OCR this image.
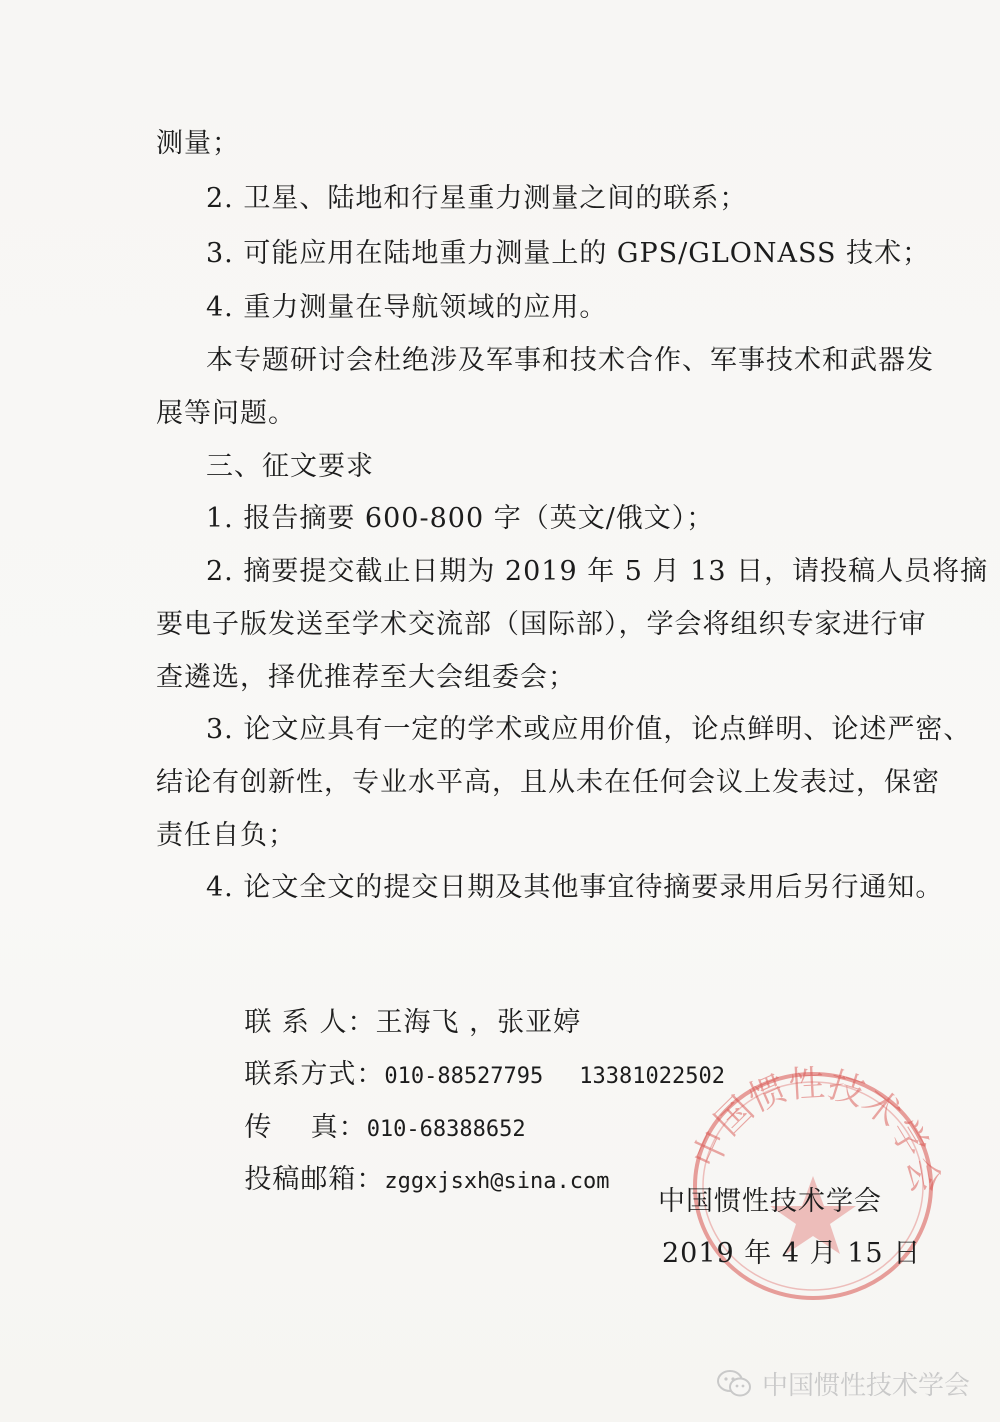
测量；
2. 卫星、陆地和行星重力测量之间的联系；
3. 可能应用在陆地重力测量上的 GPS/GLONASS 技术；
4. 重力测量在导航领域的应用。
本专题研讨会杜绝涉及军事和技术合作、军事技术和武器发
展等问题。
三、征文要求
1. 报告摘要 600-800 字（英文/俄文）；
2. 摘要提交截止日期为 2019 年 5 月 13 日，请投稿人员将摘
要电子版发送至学术交流部（国际部），学会将组织专家进行审
查遴选，择优推荐至大会组委会；
3. 论文应具有一定的学术或应用价值，论点鲜明、论述严密、
结论有创新性，专业水平高，且从未在任何会议上发表过，保密
责任自负；
4. 论文全文的提交日期及其他事宜待摘要录用后另行通知。

联 系 人：王海飞 ，张亚婷

联系方式：010-88527795 13381022502

传    真：010-68388652

投稿邮箱：zggxjsxh@sina.com

中国惯性技术学会
中国惯性技术学会
2019 年 4 月 15 日
中国惯性技术学会
